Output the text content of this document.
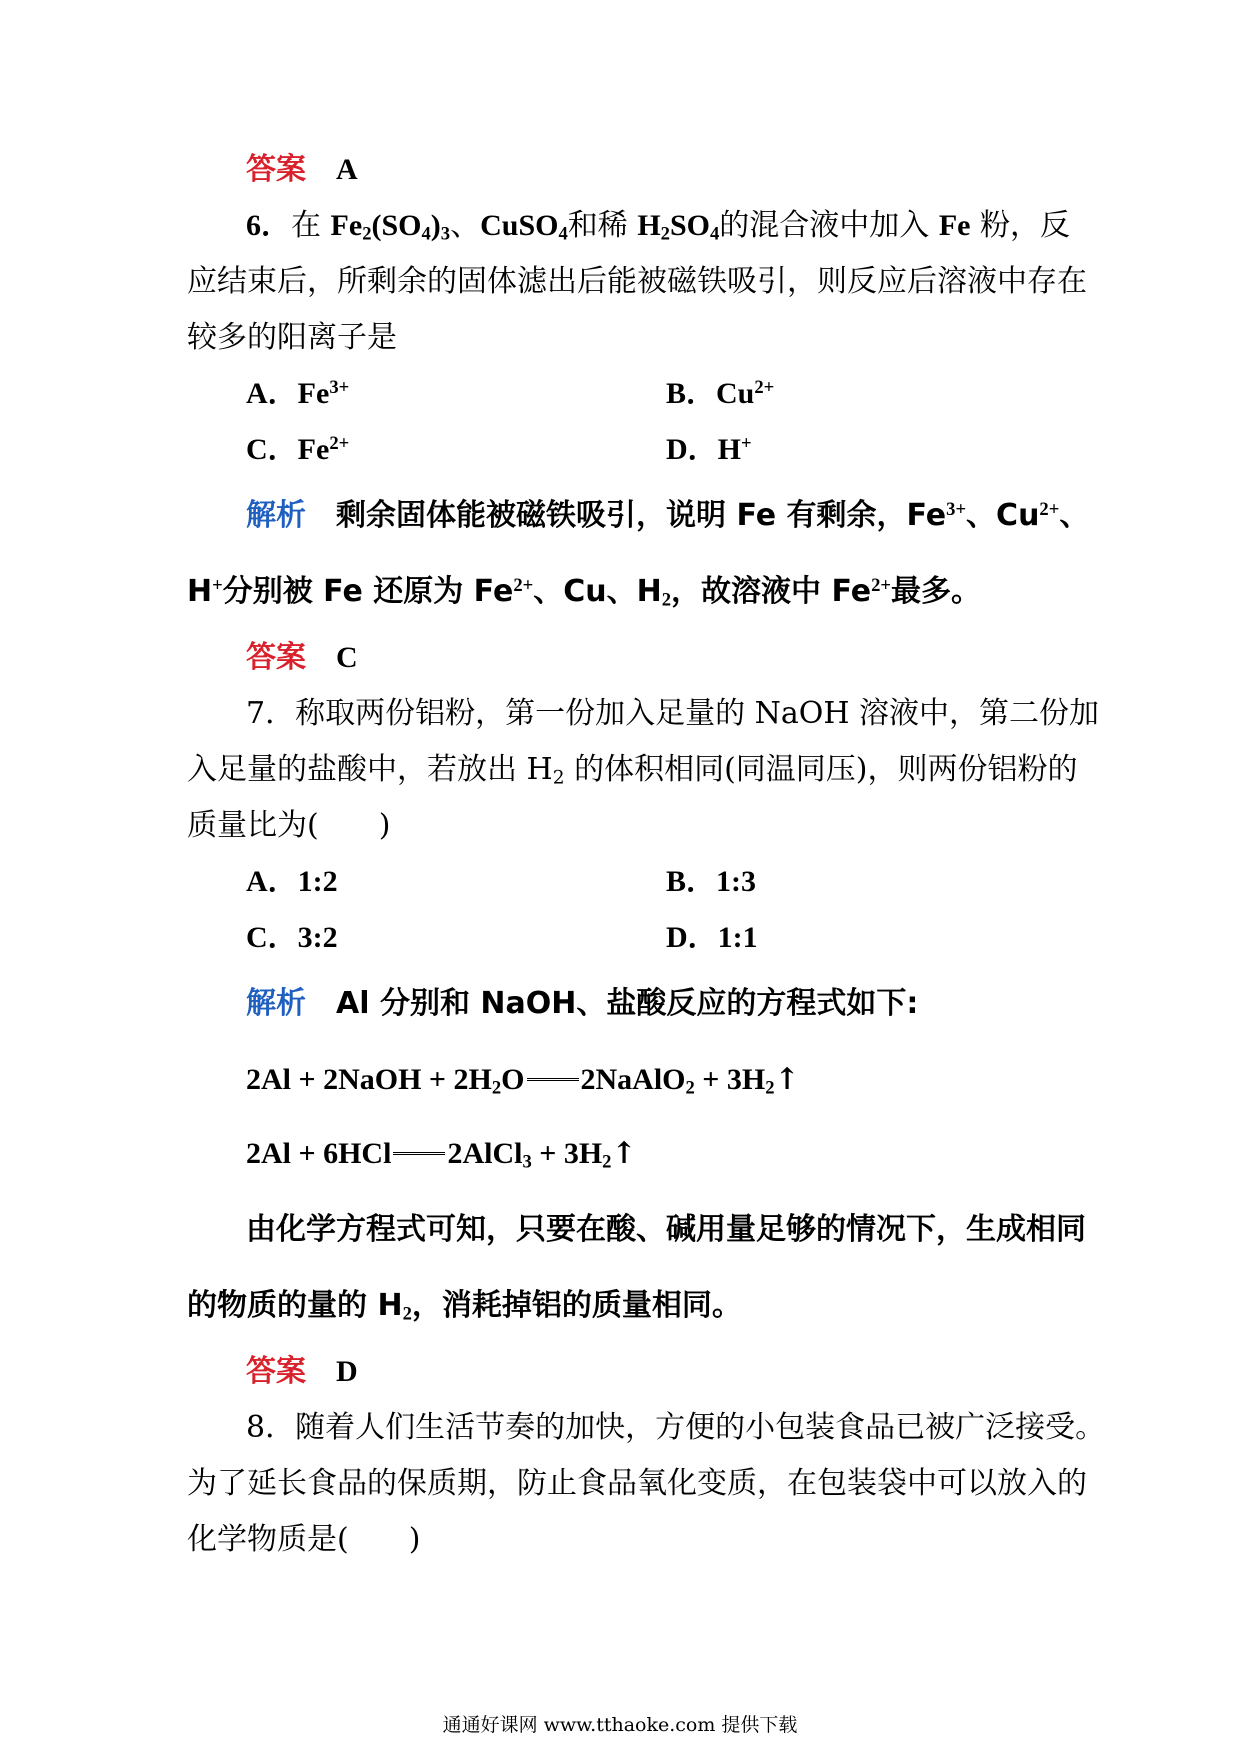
答案 A
6．在 $Fe_2(SO_4)_3$、CuSO$_4$和稀 $H_2SO_4$的混合液中加入 Fe 粉，反
应结束后，所剩余的固体滤出后能被磁铁吸引，则反应后溶液中存在
较多的阳离子是
A．$Fe^{3+}$	B．$Cu^{2+}$
C．$Fe^{2+}$	D．H+
解析 剩余固体能被磁铁吸引，说明 Fe 有剩余，$Fe^{3+}$、$Cu^{2+}$、
H+分别被 Fe 还原为 $Fe^{2+}$、Cu、$H_2$，故溶液中 $Fe^{2+}$最多。
答案 C
7．称取两份铝粉，第一份加入足量的 NaOH 溶液中，第二份加
入足量的盐酸中，若放出 $H_2$ 的体积相同(同温同压)，则两份铝粉的
质量比为(　　)
A．1:2	B．1:3
C．3:2	D．1:1
解析 Al 分别和 NaOH、盐酸反应的方程式如下:
2Al + 2NaOH + $2H_2O$ 2NaAlO$_2$ + $3H_2↑$
2Al + 6HCl 2AlCl$_3$ + $3H_2↑$
由化学方程式可知，只要在酸、碱用量足够的情况下，生成相同
的物质的量的 $H_2$，消耗掉铝的质量相同。
答案 D
8．随着人们生活节奏的加快，方便的小包装食品已被广泛接受。
为了延长食品的保质期，防止食品氧化变质，在包装袋中可以放入的
化学物质是(　　)
通通好课网 www.tthaoke.com 提供下载
